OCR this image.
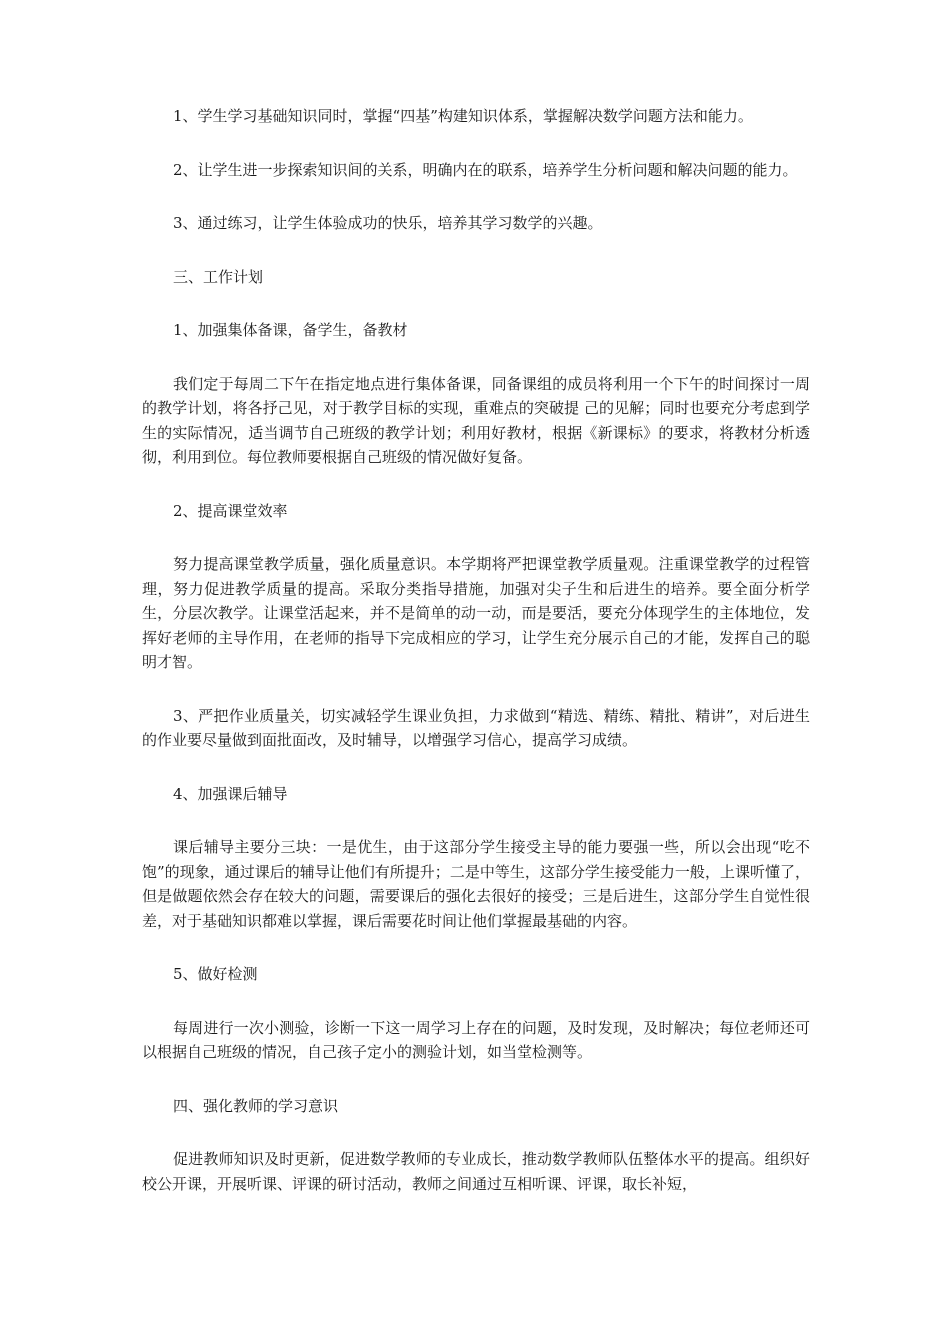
1、学生学习基础知识同时，掌握“四基”构建知识体系，掌握解决数学问题方法和能力。

2、让学生进一步探索知识间的关系，明确内在的联系，培养学生分析问题和解决问题的能力。

3、通过练习，让学生体验成功的快乐，培养其学习数学的兴趣。

三、工作计划

1、加强集体备课，备学生，备教材

我们定于每周二下午在指定地点进行集体备课，同备课组的成员将利用一个下午的时间探讨一周的教学计划，将各抒己见，对于教学目标的实现，重难点的突破提 己的见解；同时也要充分考虑到学生的实际情况，适当调节自己班级的教学计划；利用好教材，根据《新课标》的要求，将教材分析透彻，利用到位。每位教师要根据自己班级的情况做好复备。

2、提高课堂效率

努力提高课堂教学质量，强化质量意识。本学期将严把课堂教学质量观。注重课堂教学的过程管理，努力促进教学质量的提高。采取分类指导措施，加强对尖子生和后进生的培养。要全面分析学生，分层次教学。让课堂活起来，并不是简单的动一动，而是要活，要充分体现学生的主体地位，发挥好老师的主导作用，在老师的指导下完成相应的学习，让学生充分展示自己的才能，发挥自己的聪明才智。

3、严把作业质量关，切实减轻学生课业负担，力求做到“精选、精练、精批、精讲”，对后进生的作业要尽量做到面批面改，及时辅导，以增强学习信心，提高学习成绩。

4、加强课后辅导

课后辅导主要分三块：一是优生，由于这部分学生接受主导的能力要强一些，所以会出现“吃不饱”的现象，通过课后的辅导让他们有所提升；二是中等生，这部分学生接受能力一般，上课听懂了，但是做题依然会存在较大的问题，需要课后的强化去很好的接受；三是后进生，这部分学生自觉性很差，对于基础知识都难以掌握，课后需要花时间让他们掌握最基础的内容。

5、做好检测

每周进行一次小测验，诊断一下这一周学习上存在的问题，及时发现，及时解决；每位老师还可以根据自己班级的情况，自己孩子定小的测验计划，如当堂检测等。

四、强化教师的学习意识

促进教师知识及时更新，促进数学教师的专业成长，推动数学教师队伍整体水平的提高。组织好校公开课，开展听课、评课的研讨活动，教师之间通过互相听课、评课，取长补短，
